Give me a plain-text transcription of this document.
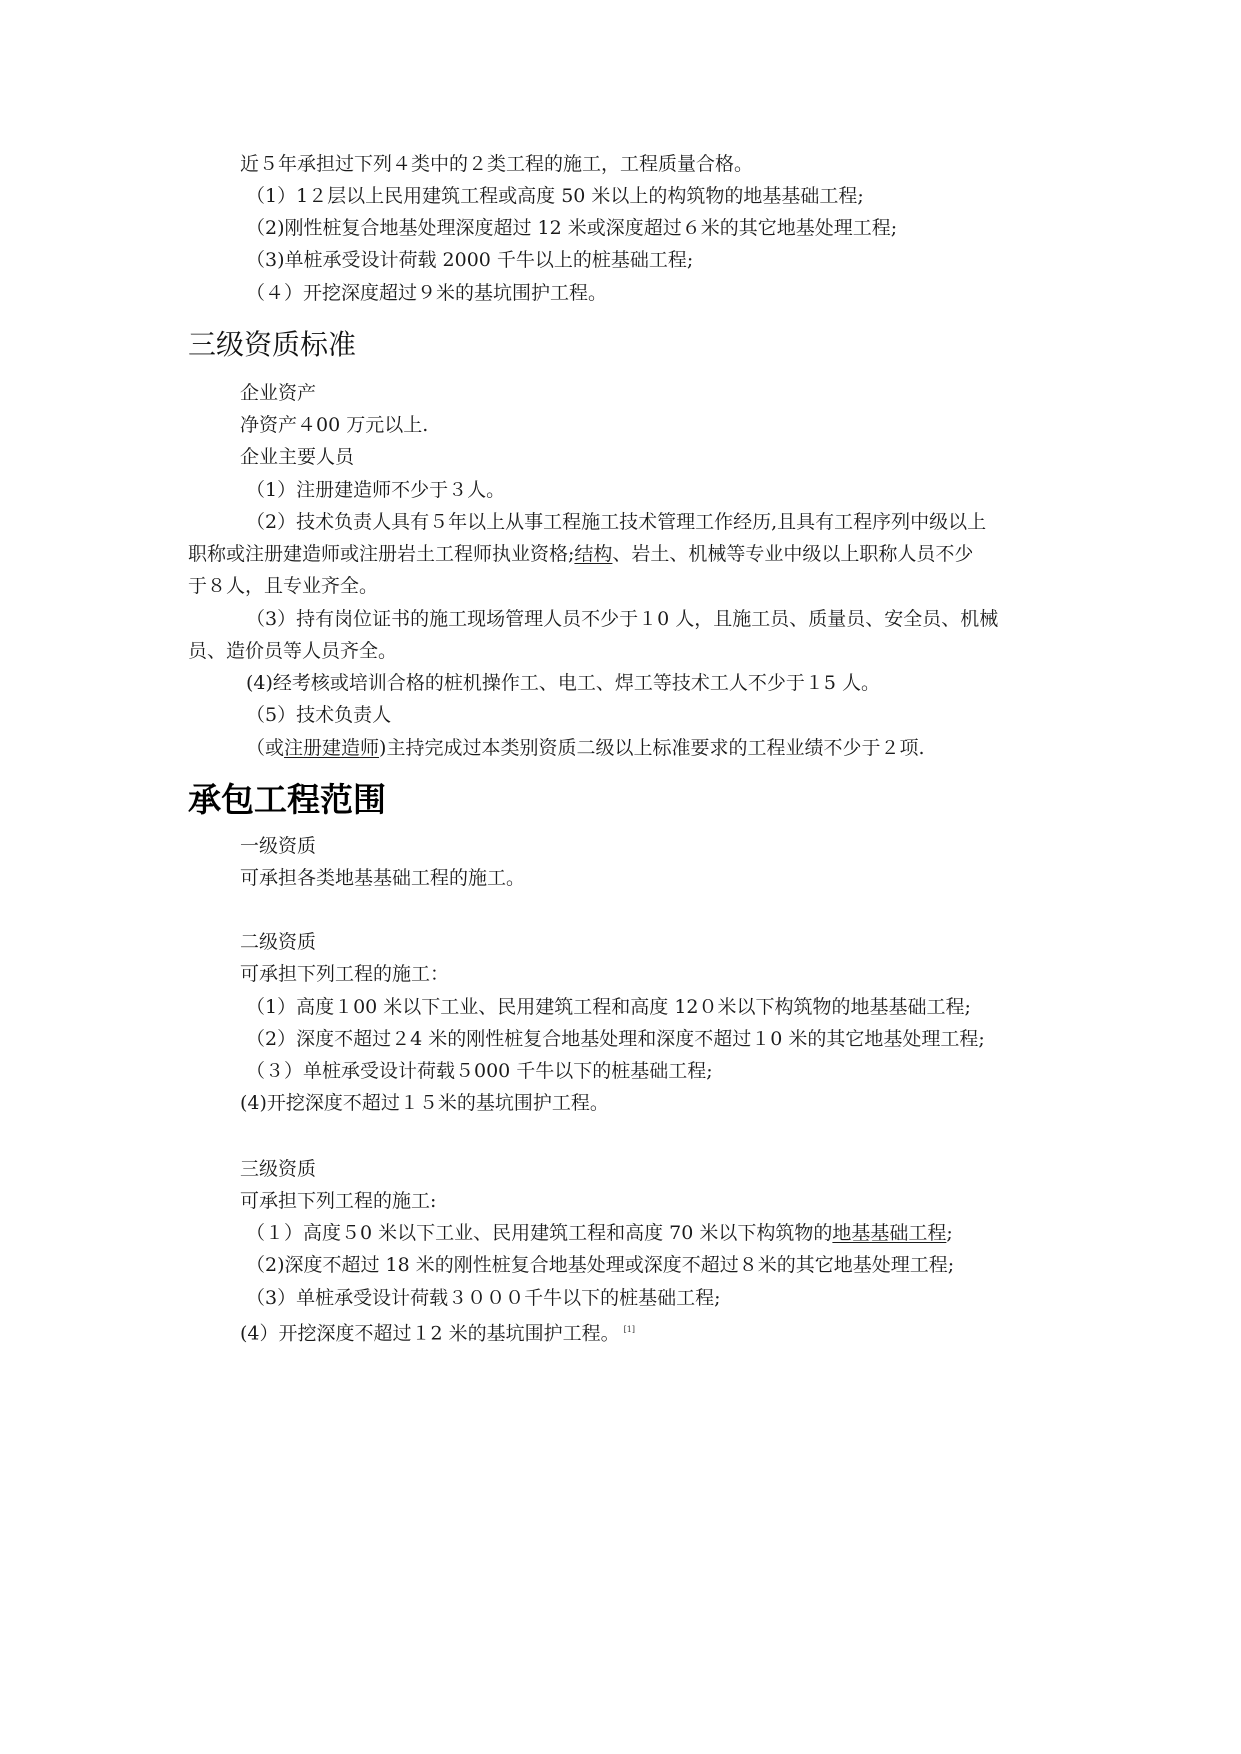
近５年承担过下列４类中的２类工程的施工，工程质量合格。
（1）1２层以上民用建筑工程或高度 50 米以上的构筑物的地基基础工程;
（2)刚性桩复合地基处理深度超过 12 米或深度超过６米的其它地基处理工程;
（3)单桩承受设计荷载 2000 千牛以上的桩基础工程;
（４）开挖深度超过９米的基坑围护工程。
三级资质标准
企业资产
净资产４00 万元以上.
企业主要人员
（1）注册建造师不少于３人。
（2）技术负责人具有５年以上从事工程施工技术管理工作经历,且具有工程序列中级以上
职称或注册建造师或注册岩土工程师执业资格;结构、岩土、机械等专业中级以上职称人员不少
于８人，且专业齐全。
（3）持有岗位证书的施工现场管理人员不少于１0 人，且施工员、质量员、安全员、机械
员、造价员等人员齐全。
(4)经考核或培训合格的桩机操作工、电工、焊工等技术工人不少于１5 人。
（5）技术负责人
（或注册建造师)主持完成过本类别资质二级以上标准要求的工程业绩不少于２项.
承包工程范围
一级资质
可承担各类地基基础工程的施工。
二级资质
可承担下列工程的施工：
（1）高度１00 米以下工业、民用建筑工程和高度 12０米以下构筑物的地基基础工程;
（2）深度不超过２4 米的刚性桩复合地基处理和深度不超过１0 米的其它地基处理工程;
（３）单桩承受设计荷载５000 千牛以下的桩基础工程;
(4)开挖深度不超过１５米的基坑围护工程。
三级资质
可承担下列工程的施工:
（１）高度５0 米以下工业、民用建筑工程和高度 70 米以下构筑物的地基基础工程;
（2)深度不超过 18 米的刚性桩复合地基处理或深度不超过８米的其它地基处理工程;
（3）单桩承受设计荷载３０００千牛以下的桩基础工程;
(4）开挖深度不超过１2 米的基坑围护工程。 [1]
